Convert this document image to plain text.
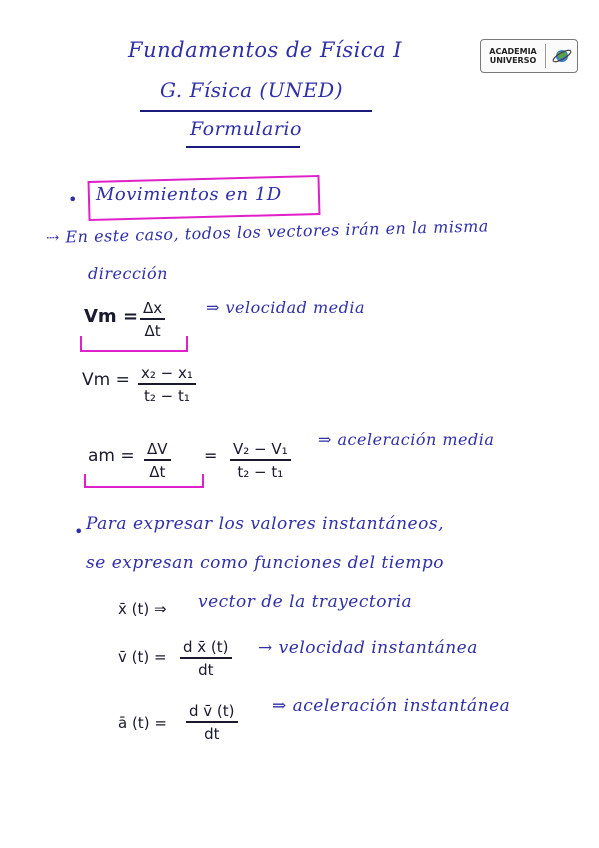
Fundamentos de Física I
G. Física (UNED)
Formulario
ACADEMIA
UNIVERSO
• Movimientos en 1D
⇢ En este caso, todos los vectores irán en la misma
dirección
Vm = Δx
Δt
⇒ velocidad media
Vm = x₂ − x₁
t₂ − t₁
am = ΔV
Δt
= V₂ − V₁
t₂ − t₁
⇒ aceleración media
• Para expresar los valores instantáneos,
se expresan como funciones del tiempo
x̄ (t) ⇒ vector de la trayectoria
v̄ (t) =
d x̄ (t)
dt
→ velocidad instantánea
ā (t) =
d v̄ (t)
dt
⇒ aceleración instantánea
